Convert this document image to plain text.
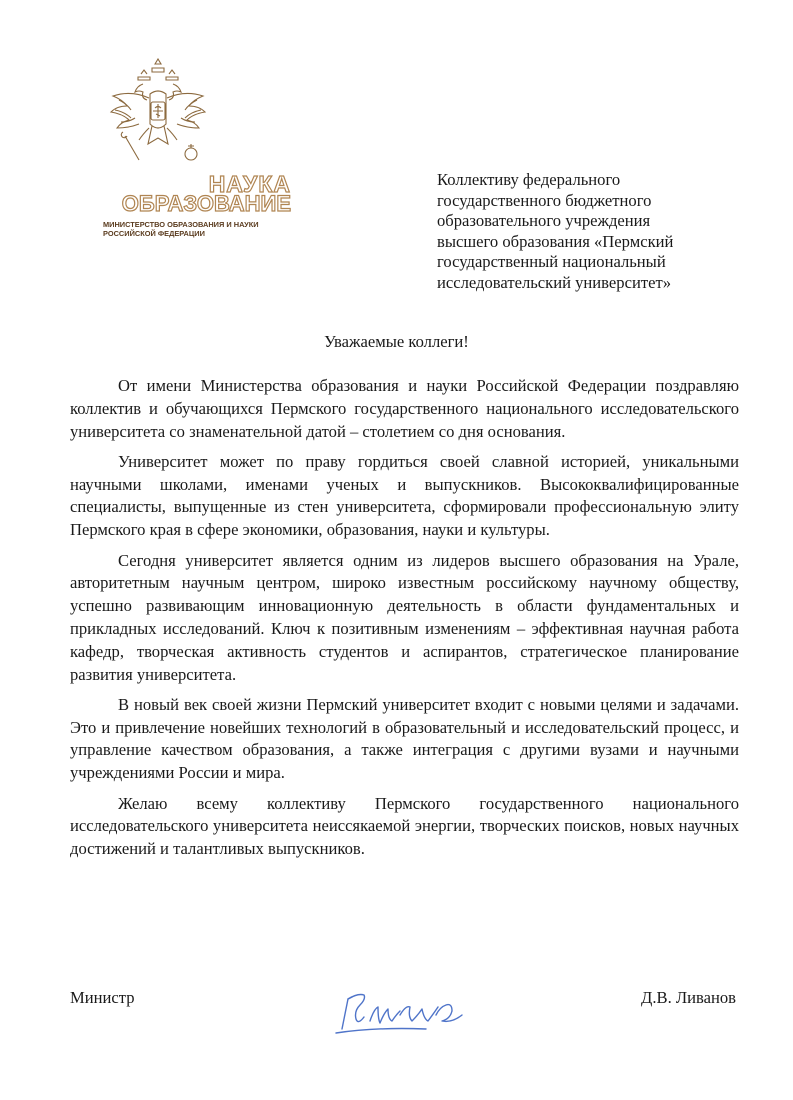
НАУКА
ОБРАЗОВАНИЕ
МИНИСТЕРСТВО ОБРАЗОВАНИЯ И НАУКИ
РОССИЙСКОЙ ФЕДЕРАЦИИ
Коллективу федерального
государственного бюджетного
образовательного учреждения
высшего образования «Пермский
государственный национальный
исследовательский университет»
Уважаемые коллеги!

От имени Министерства образования и науки Российской Федерации поздравляю коллектив и обучающихся Пермского государственного национального исследовательского университета со знаменательной датой – столетием со дня основания.

Университет может по праву гордиться своей славной историей, уникальными научными школами, именами ученых и выпускников. Высококвалифицированные специалисты, выпущенные из стен университета, сформировали профессиональную элиту Пермского края в сфере экономики, образования, науки и культуры.

Сегодня университет является одним из лидеров высшего образования на Урале, авторитетным научным центром, широко известным российскому научному обществу, успешно развивающим инновационную деятельность в области фундаментальных и прикладных исследований. Ключ к позитивным изменениям – эффективная научная работа кафедр, творческая активность студентов и аспирантов, стратегическое планирование развития университета.

В новый век своей жизни Пермский университет входит с новыми целями и задачами. Это и привлечение новейших технологий в образовательный и исследовательский процесс, и управление качеством образования, а также интеграция с другими вузами и научными учреждениями России и мира.

Желаю всему коллективу Пермского государственного национального исследовательского университета неиссякаемой энергии, творческих поисков, новых научных достижений и талантливых выпускников.

Министр	Д.В. Ливанов
